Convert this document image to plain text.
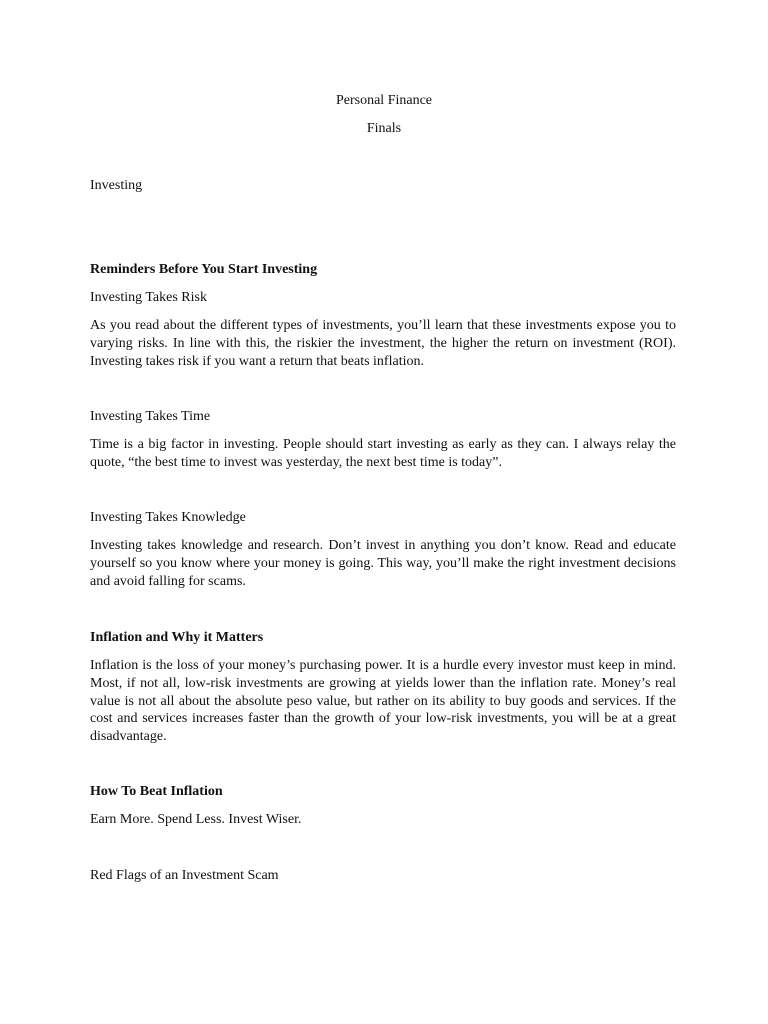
Personal Finance

Finals

Investing

Reminders Before You Start Investing

Investing Takes Risk

As you read about the different types of investments, you’ll learn that these investments expose you to varying risks. In line with this, the riskier the investment, the higher the return on investment (ROI). Investing takes risk if you want a return that beats inflation.

Investing Takes Time

Time is a big factor in investing. People should start investing as early as they can. I always relay the quote, “the best time to invest was yesterday, the next best time is today”.

Investing Takes Knowledge

Investing takes knowledge and research. Don’t invest in anything you don’t know. Read and educate yourself so you know where your money is going. This way, you’ll make the right investment decisions and avoid falling for scams.

Inflation and Why it Matters

Inflation is the loss of your money’s purchasing power. It is a hurdle every investor must keep in mind. Most, if not all, low-risk investments are growing at yields lower than the inflation rate. Money’s real value is not all about the absolute peso value, but rather on its ability to buy goods and services. If the cost and services increases faster than the growth of your low-risk investments, you will be at a great disadvantage.

How To Beat Inflation

Earn More. Spend Less. Invest Wiser.

Red Flags of an Investment Scam
